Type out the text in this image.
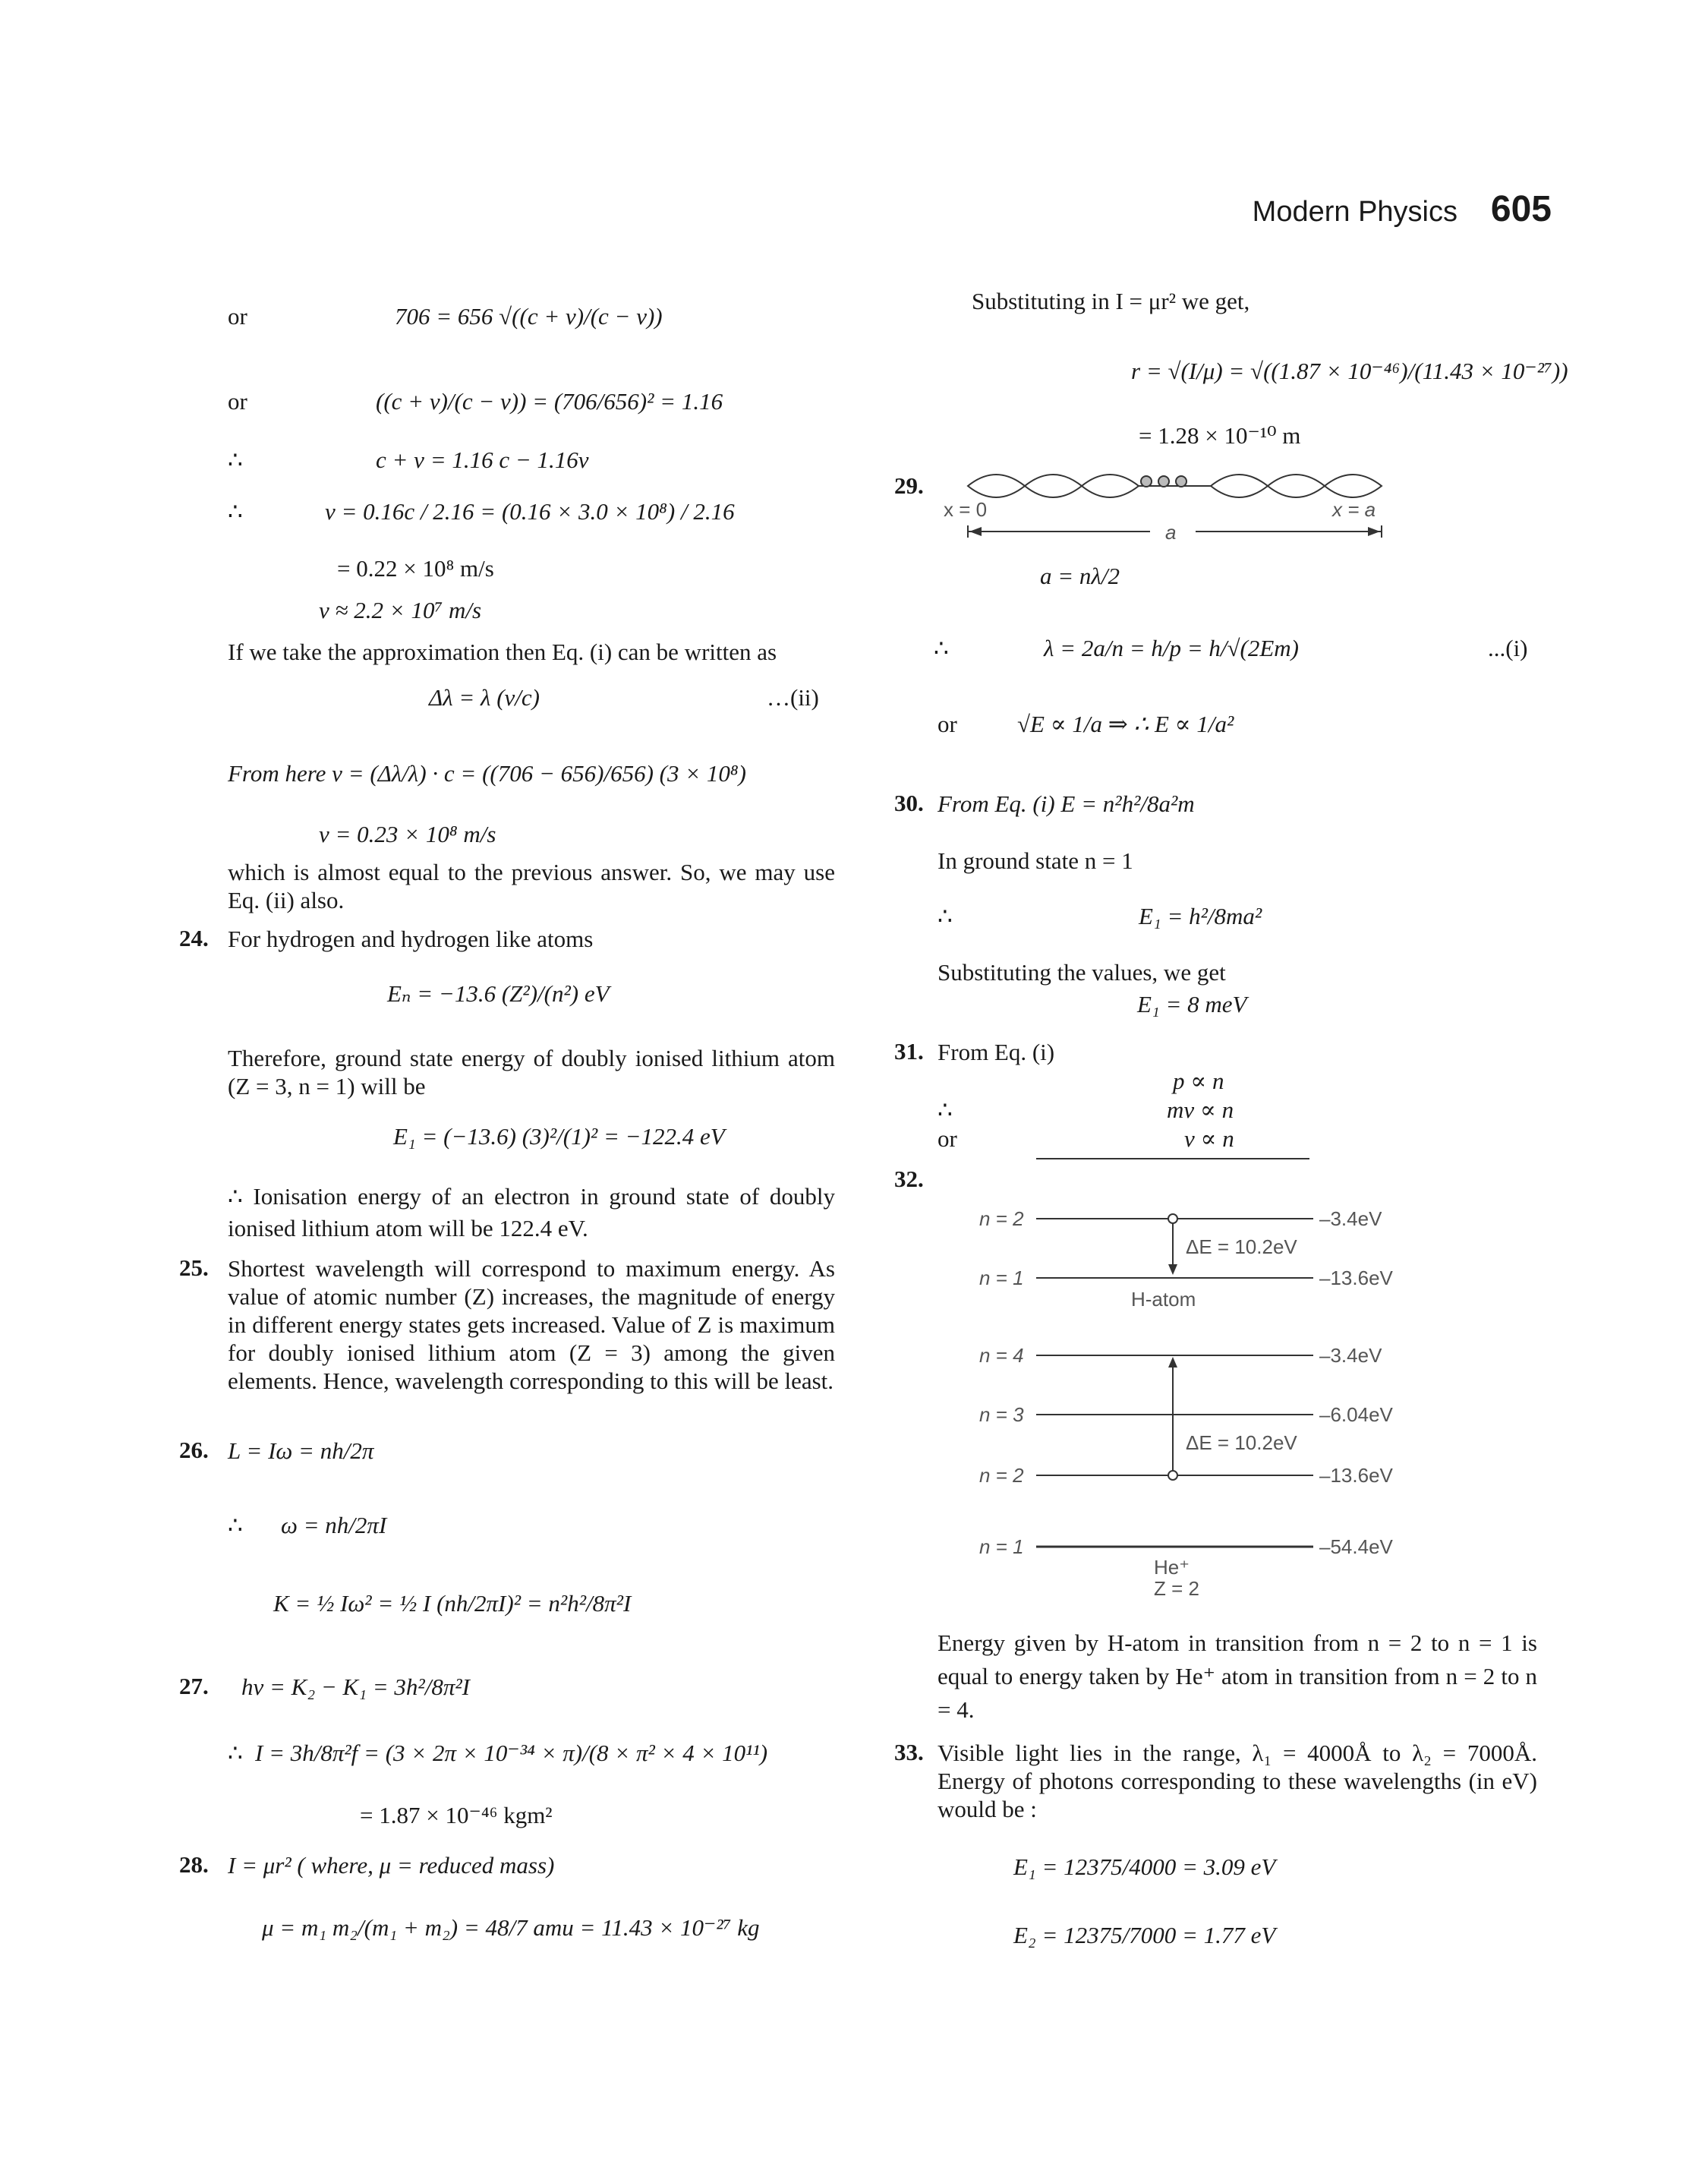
Modern Physics 605
or	706 = 656 √((c + v)/(c − v))
or	((c + v)/(c − v)) = (706/656)² = 1.16
∴	c + v = 1.16 c − 1.16v
∴	v = 0.16c / 2.16 = (0.16 × 3.0 × 10⁸) / 2.16
= 0.22 × 10⁸ m/s
v ≈ 2.2 × 10⁷ m/s
If we take the approximation then Eq. (i) can be written as
Δλ = λ (v/c)	…(ii)
From here v = (Δλ/λ) · c = ((706 − 656)/656) (3 × 10⁸)
v = 0.23 × 10⁸ m/s
which is almost equal to the previous answer. So, we may use Eq. (ii) also.
24. For hydrogen and hydrogen like atoms
Eₙ = −13.6 (Z²)/(n²) eV
Therefore, ground state energy of doubly ionised lithium atom (Z = 3, n = 1) will be
E₁ = (−13.6) (3)²/(1)² = −122.4 eV
∴ Ionisation energy of an electron in ground state of doubly ionised lithium atom will be 122.4 eV.
25. Shortest wavelength will correspond to maximum energy. As value of atomic number (Z) increases, the magnitude of energy in different energy states gets increased. Value of Z is maximum for doubly ionised lithium atom (Z = 3) among the given elements. Hence, wavelength corresponding to this will be least.
26. L = Iω = nh/2π
∴ ω = nh/2πI
K = ½ Iω² = ½ I (nh/2πI)² = n²h²/8π²I
27. hν = K₂ − K₁ = 3h²/8π²I
∴ I = 3h/8π²f = (3 × 2π × 10⁻³⁴ × π)/(8 × π² × 4 × 10¹¹)
= 1.87 × 10⁻⁴⁶ kgm²
28. I = μr² ( where, μ = reduced mass)
μ = m₁ m₂/(m₁ + m₂) = 48/7 amu = 11.43 × 10⁻²⁷ kg
Substituting in I = μr² we get,
r = √(I/μ) = √((1.87 × 10⁻⁴⁶)/(11.43 × 10⁻²⁷))
= 1.28 × 10⁻¹⁰ m
29.
x = 0	x = a
a
a = nλ/2
∴	λ = 2a/n = h/p = h/√(2Em)	...(i)
or	√E ∝ 1/a ⇒ ∴ E ∝ 1/a²
30. From Eq. (i) E = n²h²/8a²m
In ground state n = 1
∴	E₁ = h²/8ma²
Substituting the values, we get
E₁ = 8 meV
31. From Eq. (i)
p ∝ n
∴	mv ∝ n
or	v ∝ n
32.
n = 2	–3.4eV
ΔE = 10.2eV
n = 1	–13.6eV
H-atom
n = 4	–3.4eV
n = 3	–6.04eV
ΔE = 10.2eV
n = 2	–13.6eV
n = 1	–54.4eV
He⁺
Z = 2
Energy given by H-atom in transition from n = 2 to n = 1 is equal to energy taken by He⁺ atom in transition from n = 2 to n = 4.
33. Visible light lies in the range, λ₁ = 4000Å to λ₂ = 7000Å. Energy of photons corresponding to these wavelengths (in eV) would be :
E₁ = 12375/4000 = 3.09 eV
E₂ = 12375/7000 = 1.77 eV
